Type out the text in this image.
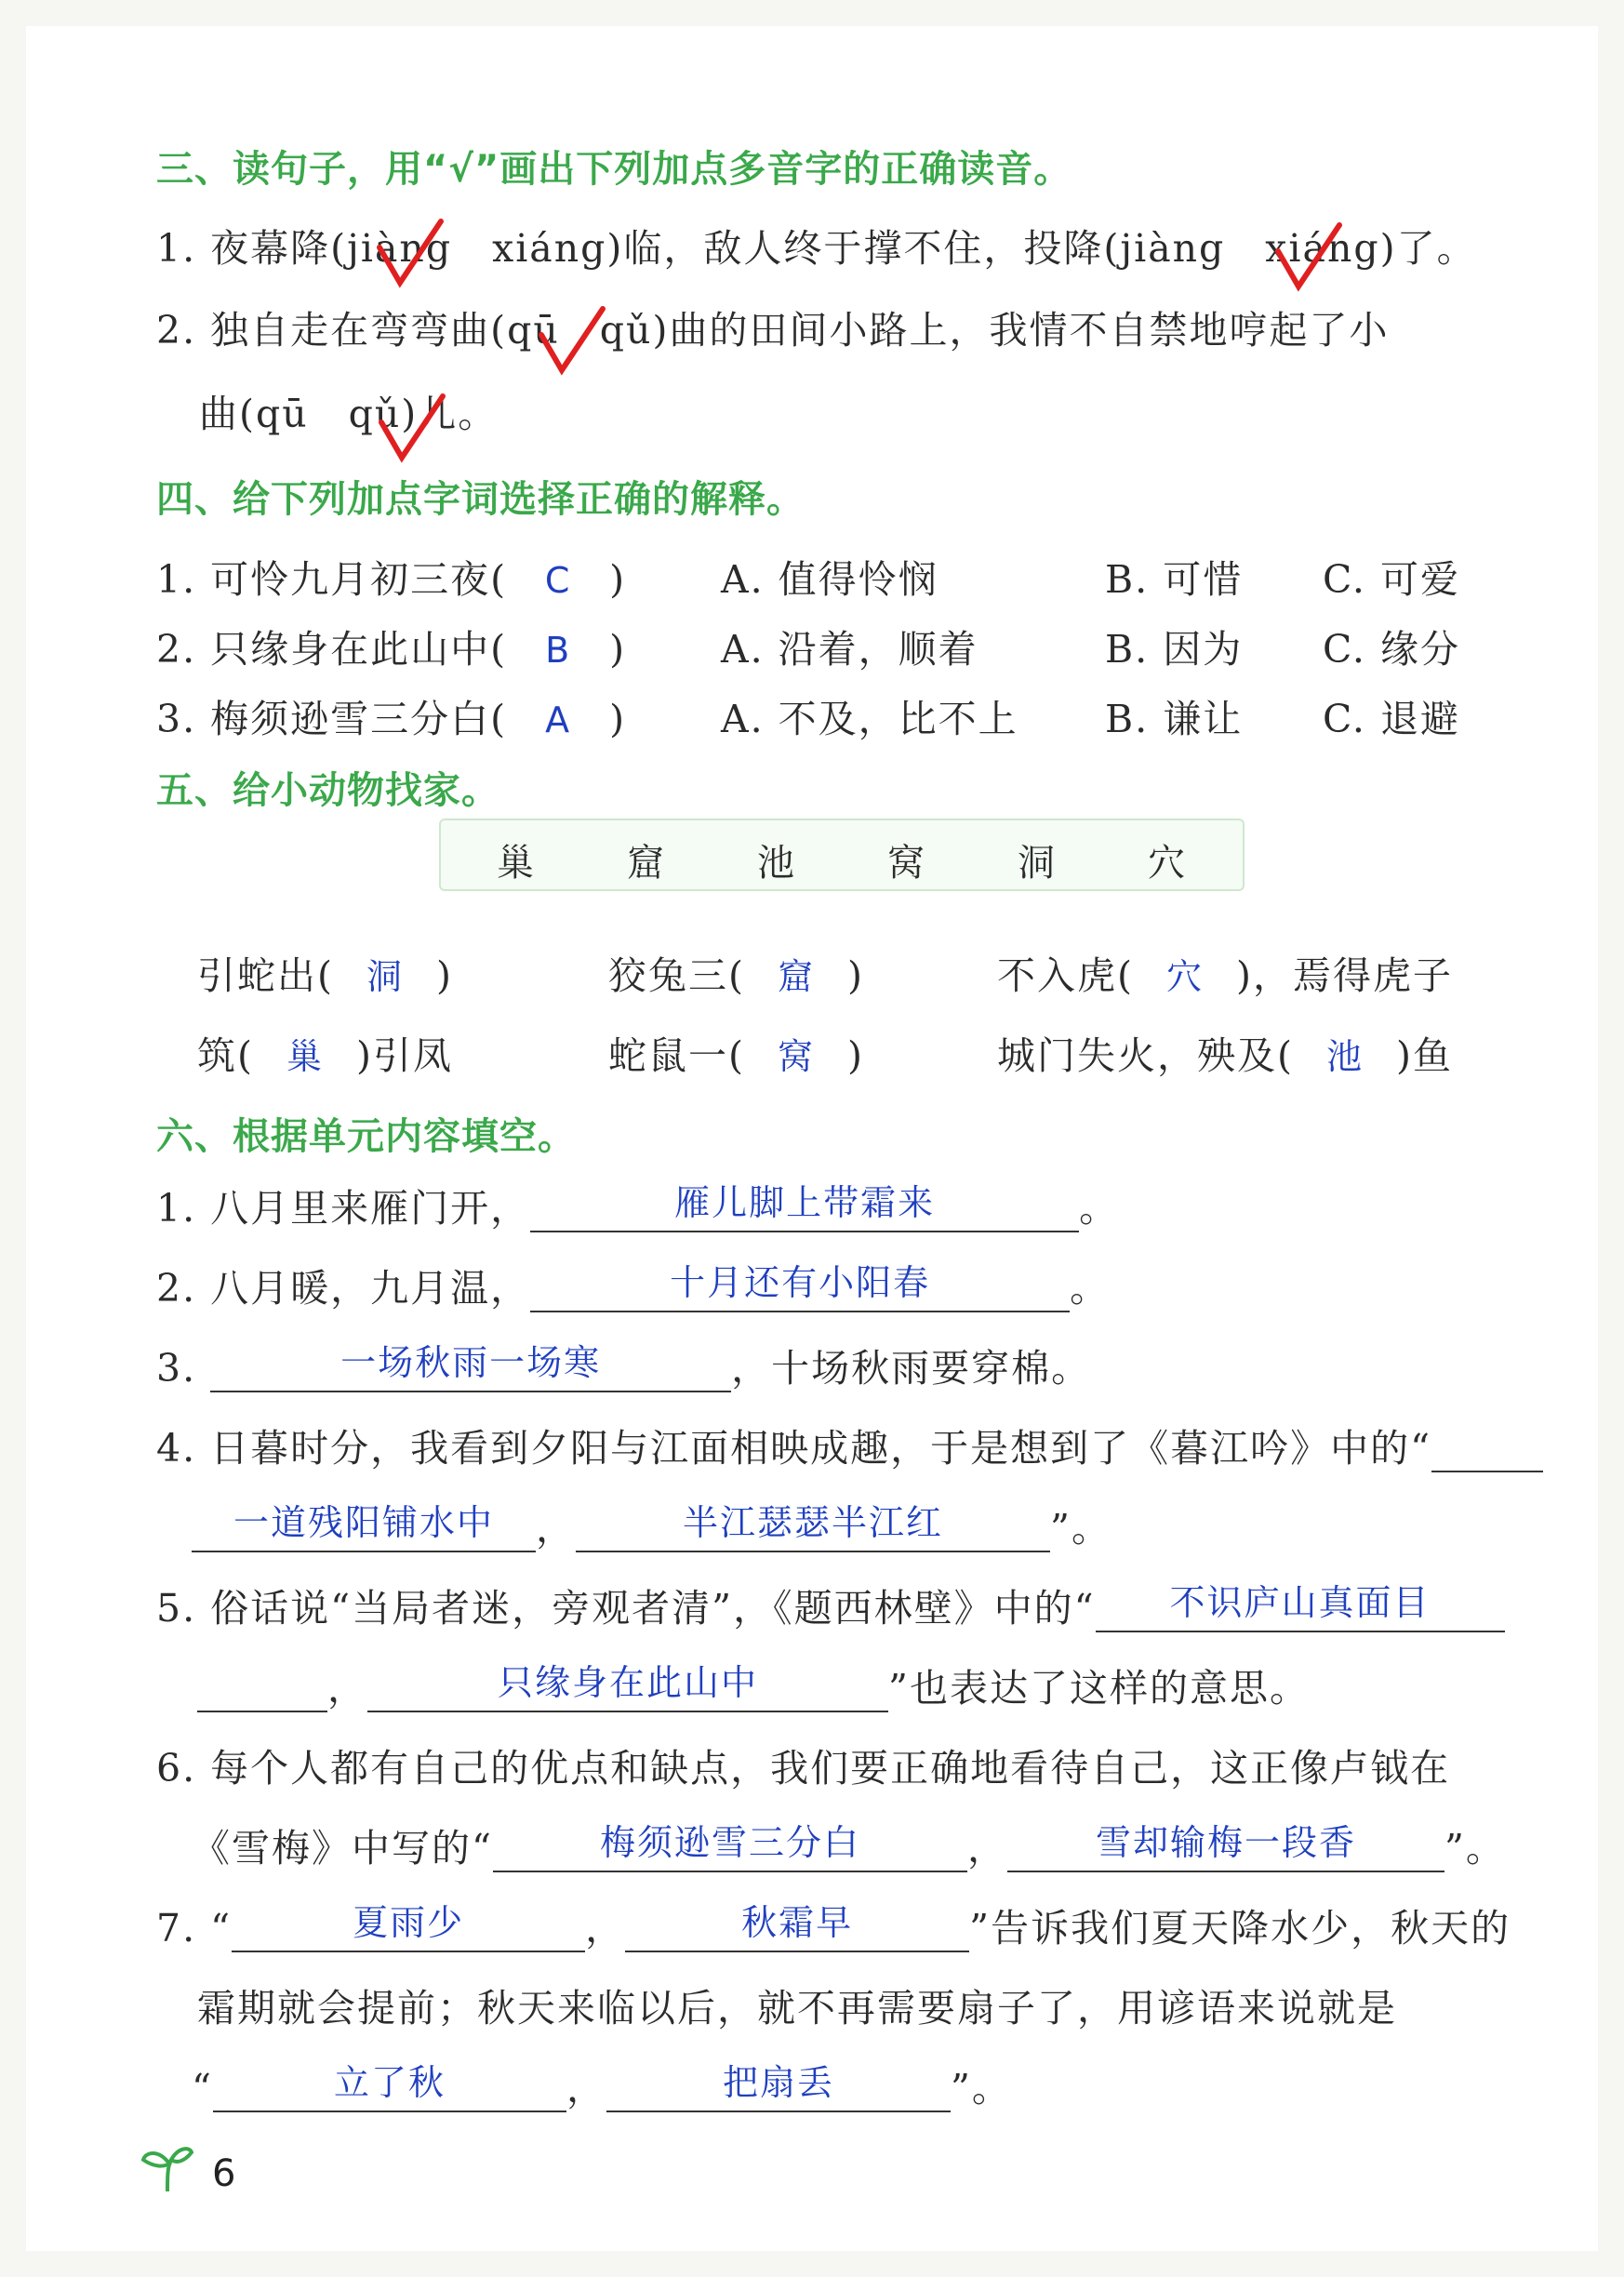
三、读句子，用“√”画出下列加点多音字的正确读音。
1. 夜幕降(jiàng　xiáng)临，敌人终于撑不住，投降(jiàng　xiáng)了。
2. 独自走在弯弯曲(qū　qǔ)曲的田间小路上，我情不自禁地哼起了小
曲(qū　qǔ)儿。
四、给下列加点字词选择正确的解释。
1. 可怜九月初三夜( C ) A. 值得怜悯	B. 可惜 C. 可爱
2. 只缘身在此山中( B ) A. 沿着，顺着	B. 因为 C. 缘分
3. 梅须逊雪三分白( A ) A. 不及，比不上 B. 谦让 C. 退避
五、给小动物找家。
巢	窟	池	窝	洞	穴
引蛇出( 洞 )	狡兔三( 窟 )	不入虎( 穴 )，焉得虎子
筑( 巢 )引凤	蛇鼠一( 窝 )	城门失火，殃及( 池 )鱼
六、根据单元内容填空。
1. 八月里来雁门开，	雁儿脚上带霜来	。
2. 八月暖，九月温，	十月还有小阳春	。
3.	一场秋雨一场寒	，十场秋雨要穿棉。
4. 日暮时分，我看到夕阳与江面相映成趣，于是想到了《暮江吟》中的“
一道残阳铺水中 ，	半江瑟瑟半江红	”。
5. 俗话说“当局者迷，旁观者清”，《题西林壁》中的“ 不识庐山真面目
，	只缘身在此山中	”也表达了这样的意思。
6. 每个人都有自己的优点和缺点，我们要正确地看待自己，这正像卢钺在
《雪梅》中写的“	梅须逊雪三分白	， 雪却输梅一段香 ”。
7. “	夏雨少	，	秋霜早	”告诉我们夏天降水少，秋天的
霜期就会提前；秋天来临以后，就不再需要扇子了，用谚语来说就是
“	立了秋	，	把扇丢	”。
6
